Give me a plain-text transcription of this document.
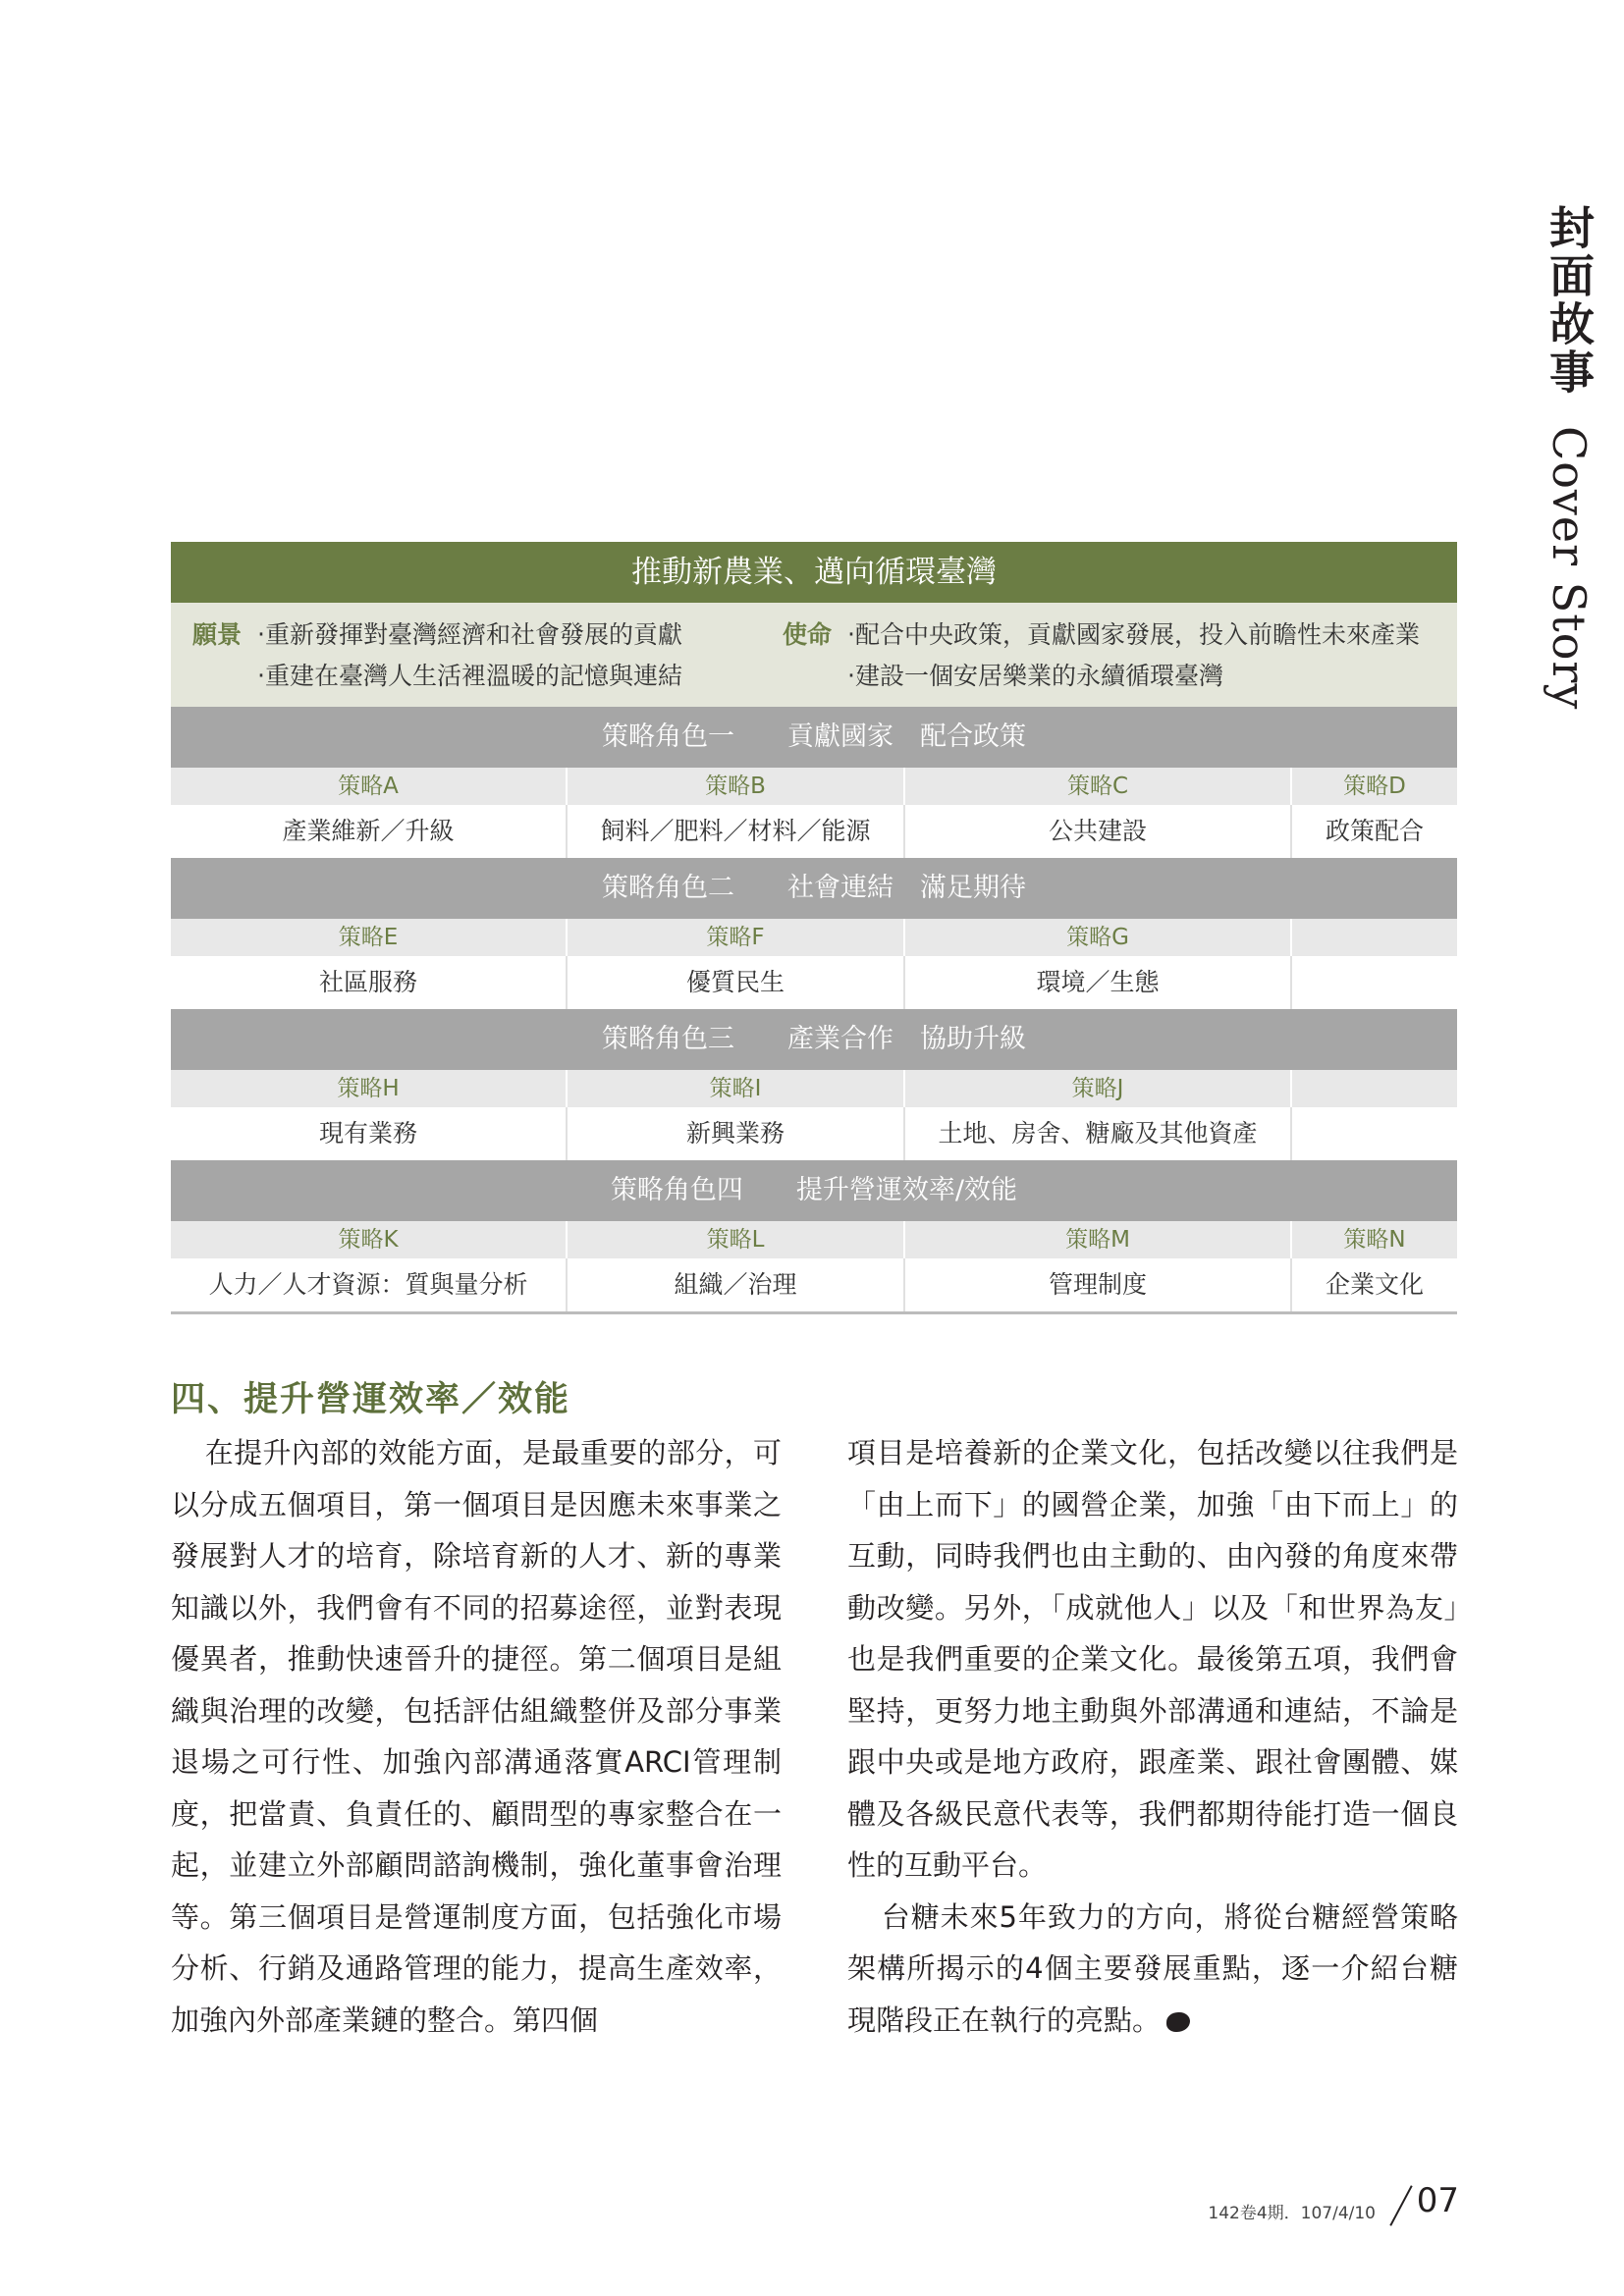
封面故事 Cover Story
推動新農業、邁向循環臺灣
願景 ‧重新發揮對臺灣經濟和社會發展的貢獻
‧重建在臺灣人生活裡溫暖的記憶與連結
使命 ‧配合中央政策，貢獻國家發展，投入前瞻性未來產業
‧建設一個安居樂業的永續循環臺灣
策略角色一　　貢獻國家　配合政策
策略A	策略B	策略C	策略D
產業維新／升級	飼料／肥料／材料／能源	公共建設	政策配合
策略角色二　　社會連結　滿足期待
策略E	策略F	策略G
社區服務	優質民生	環境／生態
策略角色三　　產業合作　協助升級
策略H	策略I	策略J
現有業務	新興業務	土地、房舍、糖廠及其他資產
策略角色四　　提升營運效率/效能
策略K	策略L	策略M	策略N
人力／人才資源：質與量分析	組織／治理	管理制度	企業文化
四、提升營運效率／效能

在提升內部的效能方面，是最重要的部分，可以分成五個項目，第一個項目是因應未來事業之發展對人才的培育，除培育新的人才、新的專業知識以外，我們會有不同的招募途徑，並對表現優異者，推動快速晉升的捷徑。第二個項目是組織與治理的改變，包括評估組織整併及部分事業退場之可行性、加強內部溝通落實ARCI管理制度，把當責、負責任的、顧問型的專家整合在一起，並建立外部顧問諮詢機制，強化董事會治理等。第三個項目是營運制度方面，包括強化市場分析、行銷及通路管理的能力，提高生產效率，加強內外部產業鏈的整合。第四個

項目是培養新的企業文化，包括改變以往我們是「由上而下」的國營企業，加強「由下而上」的互動，同時我們也由主動的、由內發的角度來帶動改變。另外，「成就他人」以及「和世界為友」也是我們重要的企業文化。最後第五項，我們會堅持，更努力地主動與外部溝通和連結，不論是跟中央或是地方政府，跟產業、跟社會團體、媒體及各級民意代表等，我們都期待能打造一個良性的互動平台。

台糖未來5年致力的方向，將從台糖經營策略架構所揭示的4個主要發展重點，逐一介紹台糖現階段正在執行的亮點。

142卷4期．107/4/10 07
